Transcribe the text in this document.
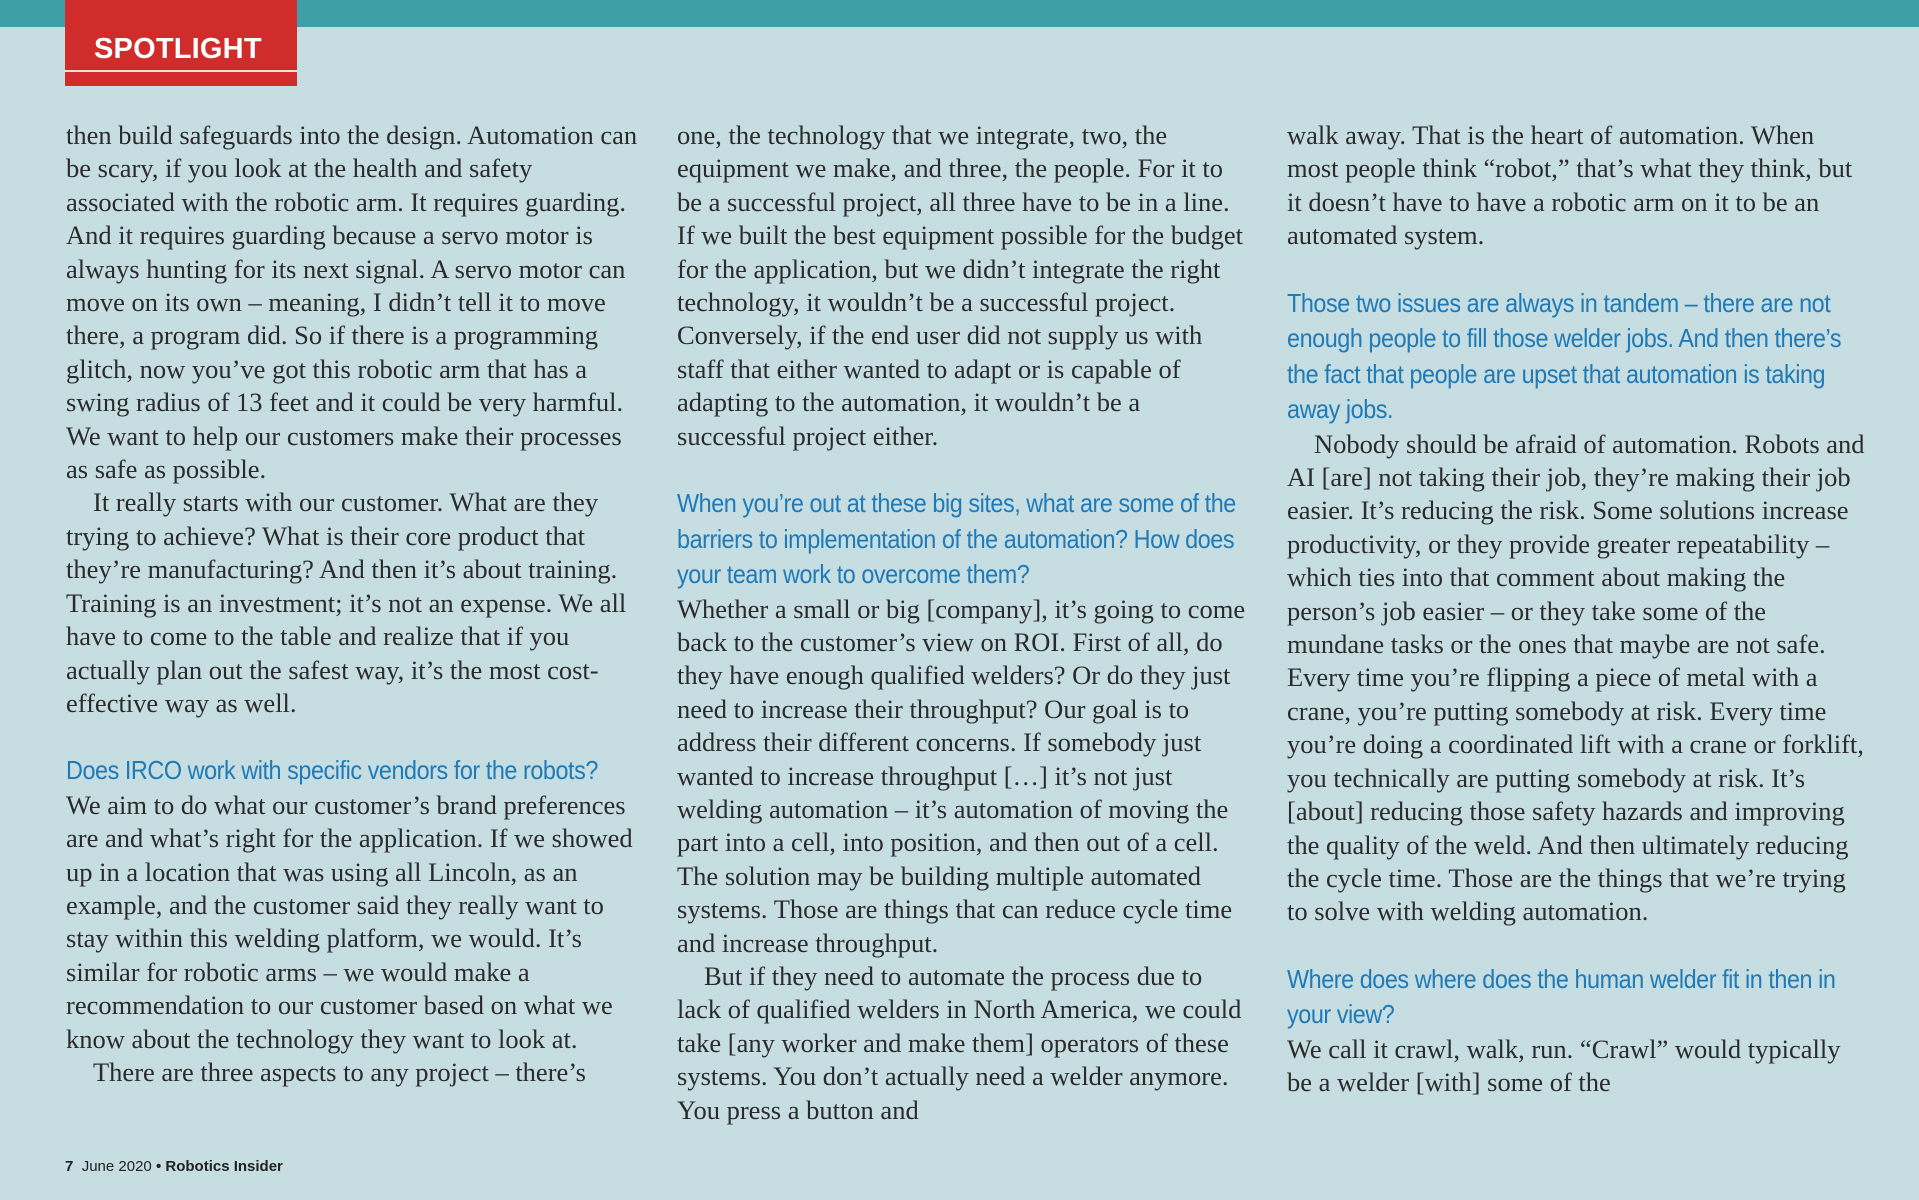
SPOTLIGHT

then build safeguards into the design. Automation can be scary, if you look at the health and safety associated with the robotic arm. It requires guarding. And it requires guarding because a servo motor is always hunting for its next signal. A servo motor can move on its own – meaning, I didn’t tell it to move there, a program did. So if there is a programming glitch, now you’ve got this robotic arm that has a swing radius of 13 feet and it could be very harmful. We want to help our customers make their processes as safe as possible.

It really starts with our customer. What are they trying to achieve? What is their core product that they’re manufacturing? And then it’s about training. Training is an investment; it’s not an expense. We all have to come to the table and realize that if you actually plan out the safest way, it’s the most cost-effective way as well.

Does IRCO work with specific vendors for the robots?

We aim to do what our customer’s brand preferences are and what’s right for the application. If we showed up in a location that was using all Lincoln, as an example, and the customer said they really want to stay within this welding platform, we would. It’s similar for robotic arms – we would make a recommendation to our customer based on what we know about the technology they want to look at.

There are three aspects to any project – there’s

one, the technology that we integrate, two, the equipment we make, and three, the people. For it to be a successful project, all three have to be in a line. If we built the best equipment possible for the budget for the application, but we didn’t integrate the right technology, it wouldn’t be a successful project. Conversely, if the end user did not supply us with staff that either wanted to adapt or is capable of adapting to the automation, it wouldn’t be a successful project either.

When you’re out at these big sites, what are some of the barriers to implementation of the automation? How does your team work to overcome them?

Whether a small or big [company], it’s going to come back to the customer’s view on ROI. First of all, do they have enough qualified welders? Or do they just need to increase their throughput? Our goal is to address their different concerns. If somebody just wanted to increase throughput […] it’s not just welding automation – it’s automation of moving the part into a cell, into position, and then out of a cell. The solution may be building multiple automated systems. Those are things that can reduce cycle time and increase throughput.

But if they need to automate the process due to lack of qualified welders in North America, we could take [any worker and make them] operators of these systems. You don’t actually need a welder anymore. You press a button and

walk away. That is the heart of automation. When most people think “robot,” that’s what they think, but it doesn’t have to have a robotic arm on it to be an automated system.

Those two issues are always in tandem – there are not enough people to fill those welder jobs. And then there’s the fact that people are upset that automation is taking away jobs.

Nobody should be afraid of automation. Robots and AI [are] not taking their job, they’re making their job easier. It’s reducing the risk. Some solutions increase productivity, or they provide greater repeatability – which ties into that comment about making the person’s job easier – or they take some of the mundane tasks or the ones that maybe are not safe. Every time you’re flipping a piece of metal with a crane, you’re putting somebody at risk. Every time you’re doing a coordinated lift with a crane or forklift, you technically are putting somebody at risk. It’s [about] reducing those safety hazards and improving the quality of the weld. And then ultimately reducing the cycle time. Those are the things that we’re trying to solve with welding automation.

Where does where does the human welder fit in then in your view?

We call it crawl, walk, run. “Crawl” would typically be a welder [with] some of the

7 June 2020 • Robotics Insider
